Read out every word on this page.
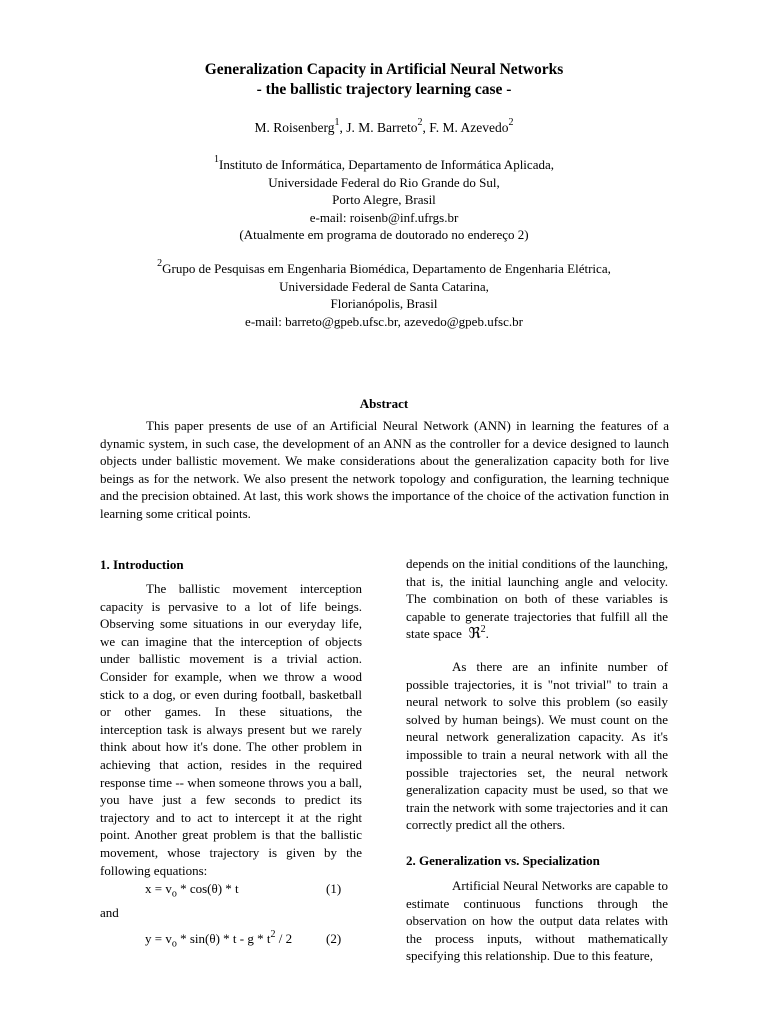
Generalization Capacity in Artificial Neural Networks
- the ballistic trajectory learning case -
M. Roisenberg$^1$, J. M. Barreto$^2$, F. M. Azevedo$^2$
$^1$Instituto de Informática, Departamento de Informática Aplicada,
Universidade Federal do Rio Grande do Sul,
Porto Alegre, Brasil
e-mail: roisenb@inf.ufrgs.br
(Atualmente em programa de doutorado no endereço 2)
$^2$Grupo de Pesquisas em Engenharia Biomédica, Departamento de Engenharia Elétrica,
Universidade Federal de Santa Catarina,
Florianópolis, Brasil
e-mail: barreto@gpeb.ufsc.br, azevedo@gpeb.ufsc.br
Abstract

This paper presents de use of an Artificial Neural Network (ANN) in learning the features of a dynamic system, in such case, the development of an ANN as the controller for a device designed to launch objects under ballistic movement. We make considerations about the generalization capacity both for live beings as for the network. We also present the network topology and configuration, the learning technique and the precision obtained. At last, this work shows the importance of the choice of the activation function in learning some critical points.

1. Introduction

The ballistic movement interception capacity is pervasive to a lot of life beings. Observing some situations in our everyday life, we can imagine that the interception of objects under ballistic movement is a trivial action. Consider for example, when we throw a wood stick to a dog, or even during football, basketball or other games. In these situations, the interception task is always present but we rarely think about how it's done. The other problem in achieving that action, resides in the required response time -- when someone throws you a ball, you have just a few seconds to predict its trajectory and to act to intercept it at the right point. Another great problem is that the ballistic movement, whose trajectory is given by the following equations:

$x = v_o * \cos(\theta) * t$	(1)
and
$y = v_o * \sin(\theta) * t - g * t^2 / 2$	(2)

depends on the initial conditions of the launching, that is, the initial launching angle and velocity. The combination on both of these variables is capable to generate trajectories that fulfill all the state space ℜ$^2$.

As there are an infinite number of possible trajectories, it is "not trivial" to train a neural network to solve this problem (so easily solved by human beings). We must count on the neural network generalization capacity. As it's impossible to train a neural network with all the possible trajectories set, the neural network generalization capacity must be used, so that we train the network with some trajectories and it can correctly predict all the others.

2. Generalization vs. Specialization

Artificial Neural Networks are capable to estimate continuous functions through the observation on how the output data relates with the process inputs, without mathematically specifying this relationship. Due to this feature,
